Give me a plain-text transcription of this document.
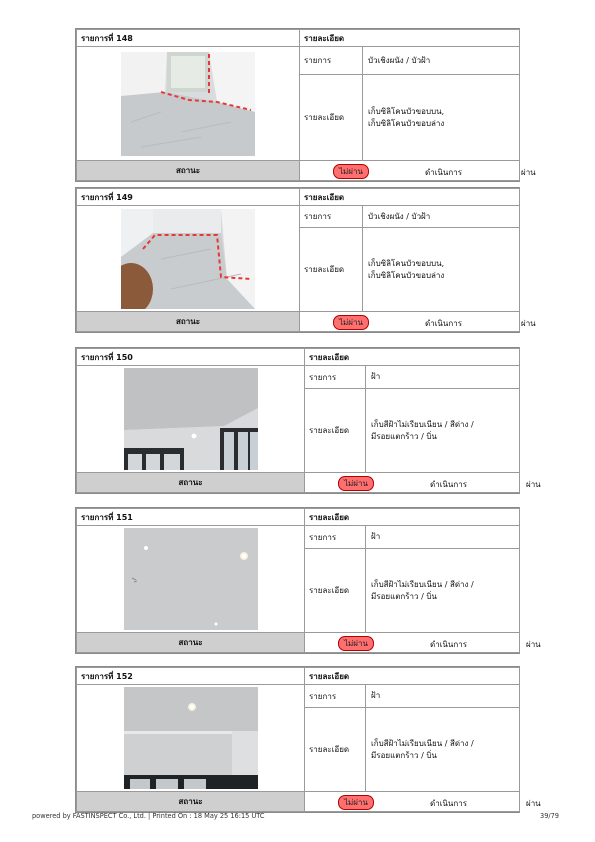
รายการที่ 148	รายละเอียด	

	รายการ	บัวเชิงผนัง / บัวฝ้า
	รายละเอียด	เก็บซิลิโคนบัวขอบบน,
เก็บซิลิโคนบัวขอบล่าง

สถานะ	ไม่ผ่าน ดำเนินการ ผ่าน	
รายการที่ 149	รายละเอียด	

	รายการ	บัวเชิงผนัง / บัวฝ้า
	รายละเอียด	เก็บซิลิโคนบัวขอบบน,
เก็บซิลิโคนบัวขอบล่าง

สถานะ	ไม่ผ่าน ดำเนินการ ผ่าน	
รายการที่ 150	รายละเอียด	

	รายการ	ฝ้า
	รายละเอียด	เก็บสีฝ้าไม่เรียบเนียน / สีด่าง /
มีรอยแตกร้าว / บิ่น

สถานะ	ไม่ผ่าน ดำเนินการ ผ่าน	
รายการที่ 151	รายละเอียด	

	รายการ	ฝ้า
	รายละเอียด	เก็บสีฝ้าไม่เรียบเนียน / สีด่าง /
มีรอยแตกร้าว / บิ่น

สถานะ	ไม่ผ่าน ดำเนินการ ผ่าน	
รายการที่ 152	รายละเอียด	

	รายการ	ฝ้า
	รายละเอียด	เก็บสีฝ้าไม่เรียบเนียน / สีด่าง /
มีรอยแตกร้าว / บิ่น

สถานะ	ไม่ผ่าน ดำเนินการ ผ่าน	
powered by FASTINSPECT Co., Ltd. | Printed On : 18 May 25 16:15 UTC	39/79
